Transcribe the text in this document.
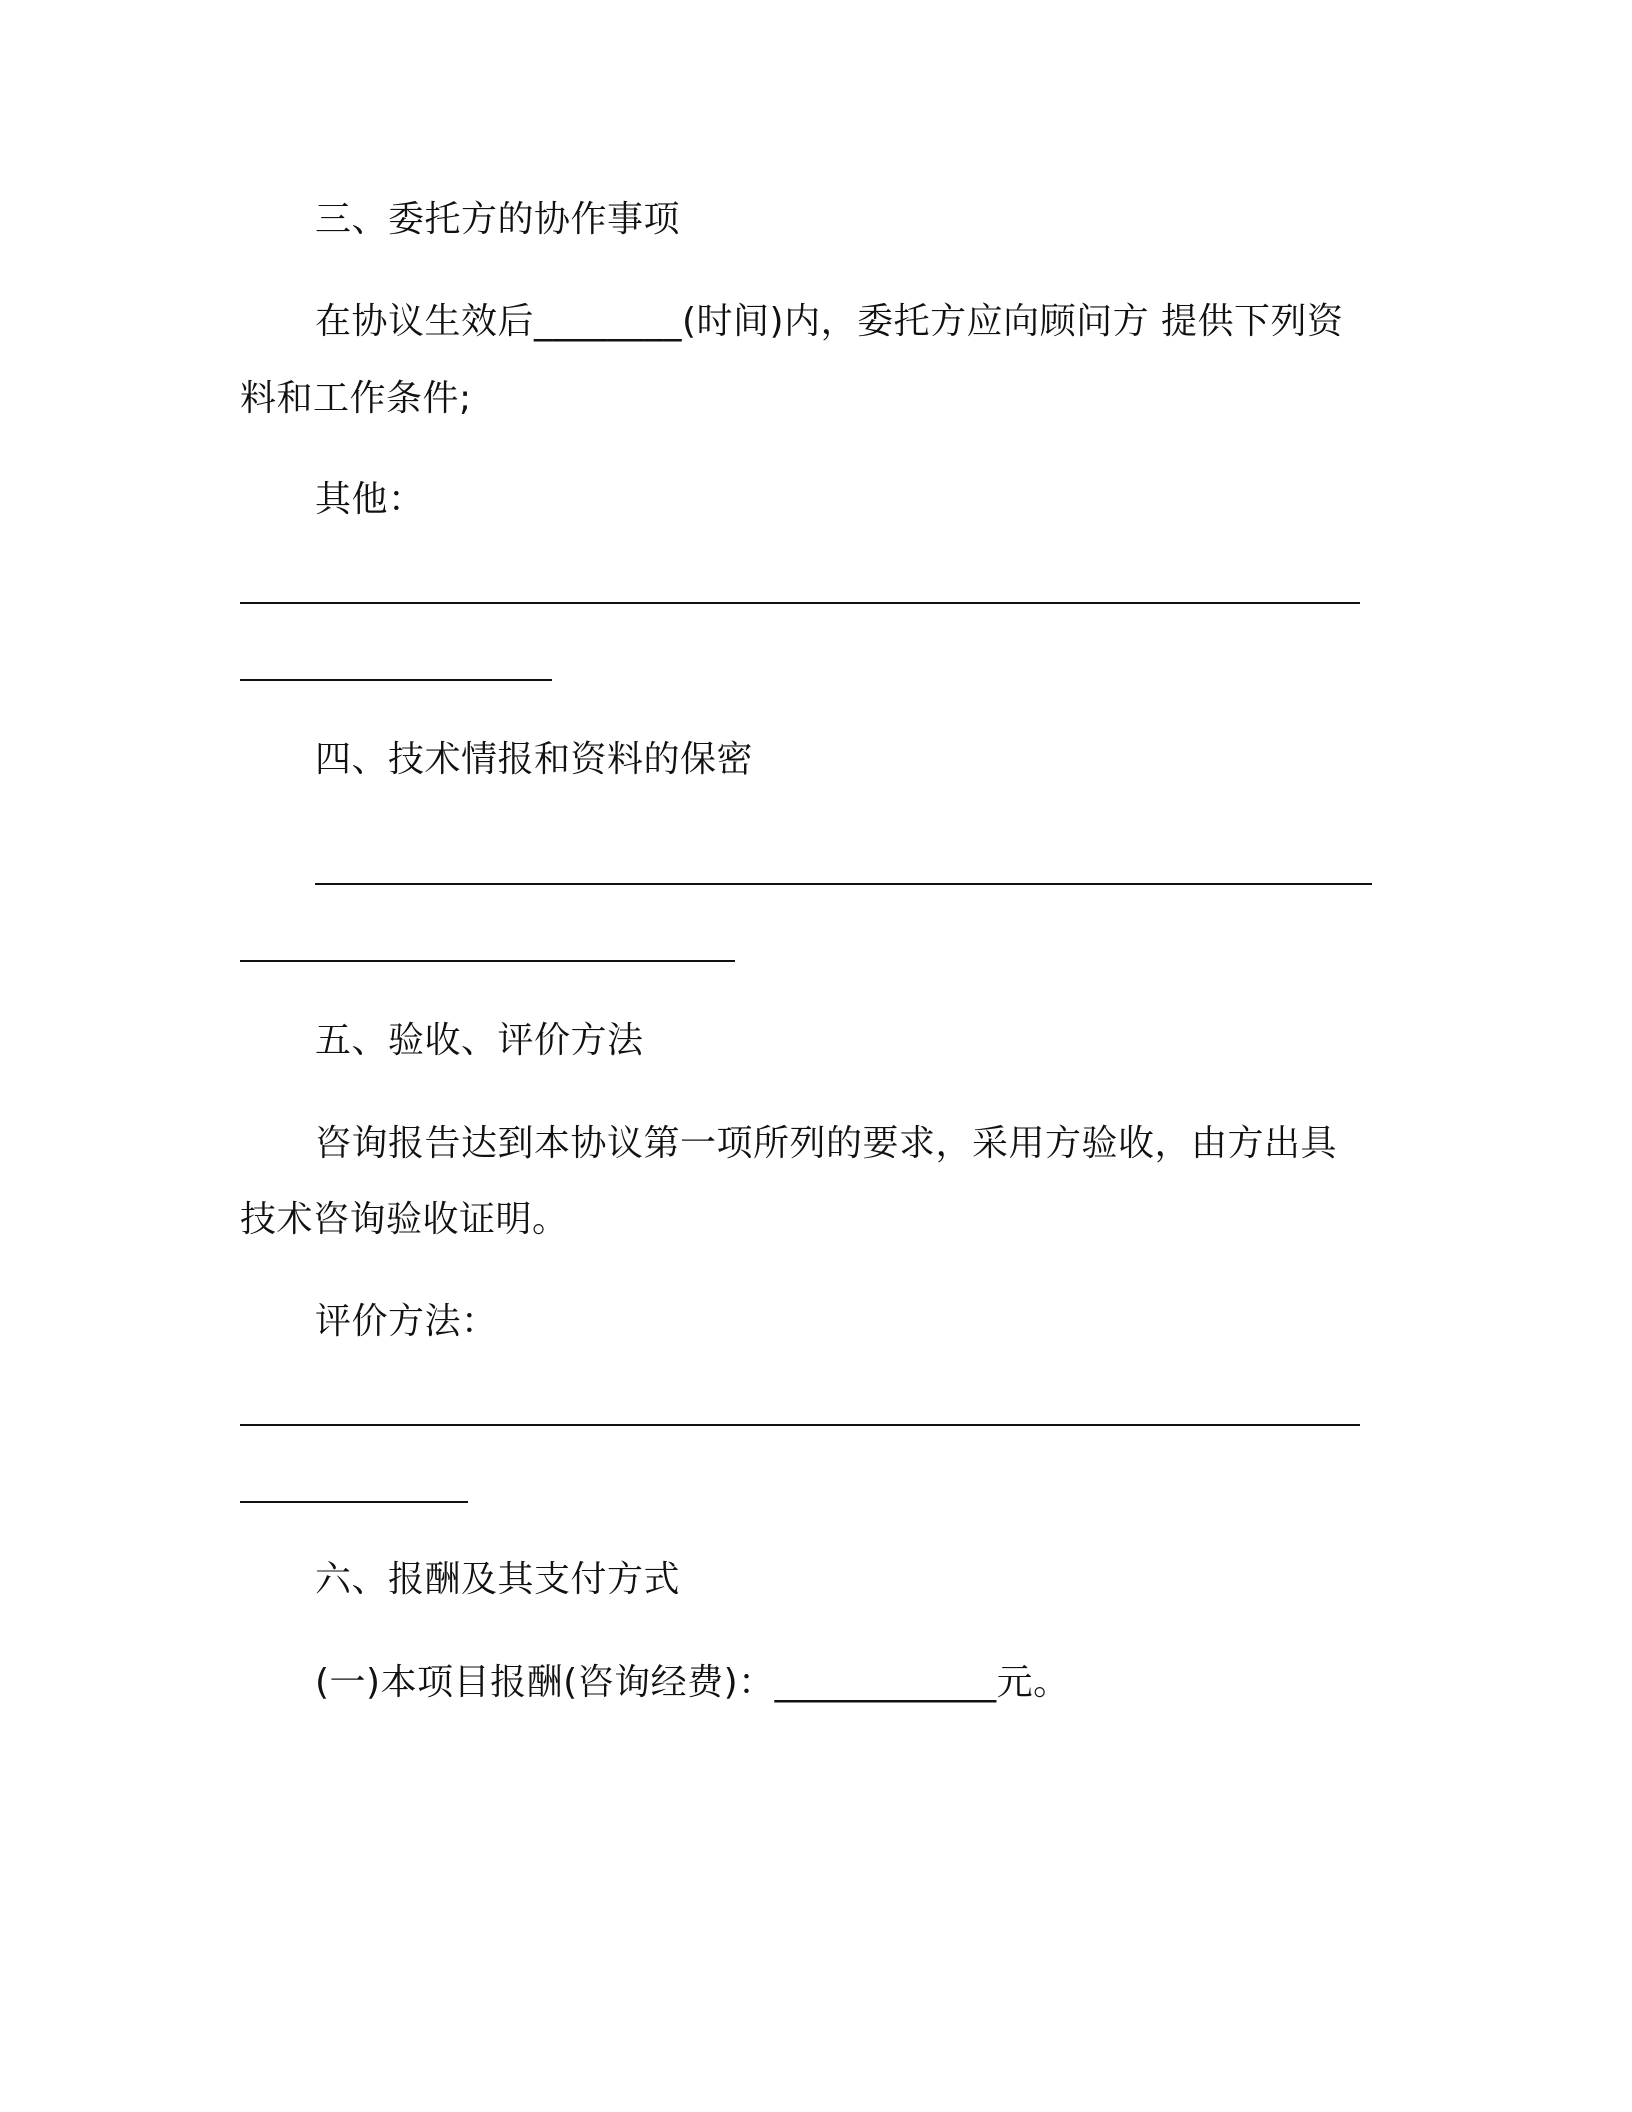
三、委托方的协作事项
在协议生效后________(时间)内，委托方应向顾问方 提供下列资
料和工作条件;
其他：
四、技术情报和资料的保密
五、验收、评价方法
咨询报告达到本协议第一项所列的要求，采用方验收，由方出具
技术咨询验收证明。
评价方法：
六、报酬及其支付方式
(一)本项目报酬(咨询经费)：____________元。
